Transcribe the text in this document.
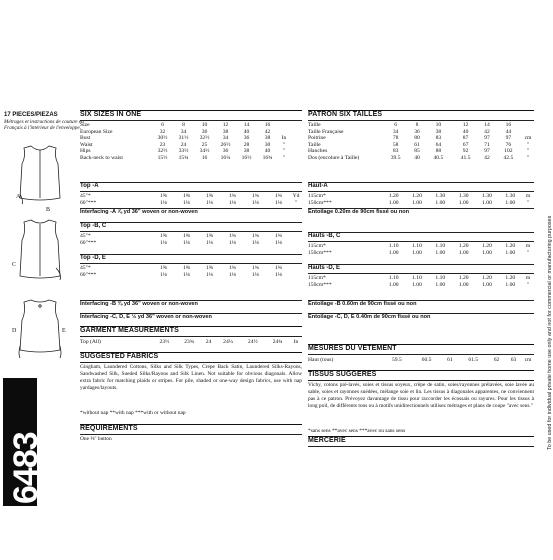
17 PIECES/PIEZAS
Métrages et instructions de couture en Français à l'intérieur de l'enveloppe.
A
B
C
D	E
6483
SIX SIZES IN ONE
Size	6	8	10	12	14	16		
European Size	32	34	36	38	40	42		
Bust	30½	31½	32½	34	36	38	In	
Waist	23	24	25	26½	28	30	"	
Hips	32½	33½	34½	36	38	40	"	
Back-neck to waist	15½	15¾	16	16¼	16½	16¾	"	
Top -A
45"*	1⅝	1⅝	1⅝	1¾	1¾	1¾	Yd
60"***	1⅛	1⅛	1⅛	1⅛	1⅛	1⅛	"
Interfacing -A ⅞ yd 36" woven or non-woven
Top -B, C
45"*	1⅝	1⅝	1⅝	1¾	1¾	1¾	
60"***	1⅛	1⅛	1⅛	1⅛	1⅛	1⅛	
Top -D, E
45"*	1⅝	1⅝	1⅝	1¾	1¾	1¾	
60"***	1⅛	1⅛	1⅛	1⅛	1⅛	1⅛	
Interfacing -B ⅜ yd 36" woven or non-woven
Interfacing -C, D, E ½ yd 36" woven or non-woven
GARMENT MEASUREMENTS
Top (All)	23½	23¾	24	24¼	24½	24¾	In
SUGGESTED FABRICS
Gingham, Laundered Cottons, Silks and Silk Types, Crepe Back Satin, Laundered Silks-Rayons, Sandwashed Silk, Sueded Silks/Rayons and Silk Linen. Not suitable for obvious diagonals. Allow extra fabric for matching plaids or stripes. For pile, shaded or one-way design fabrics, use with nap yardages/layouts.
*without nap **with nap ***with or without nap
REQUIREMENTS
One ⅝" button
PATRON SIX TAILLES
Taille	6	8	10	12	14	16	
Taille Française	34	36	38	40	42	44	
Poitrine	78	80	83	87	97	97	cm
Taille	58	61	64	67	71	76	"
Hanches	83	85	88	92	97	102	"
Dos (encolure à Taille)	39.5	40	40.5	41.5	42	42.5	"
Haut-A
115cm*	1.20	1.20	1.30	1.30	1.30	1.30	m
150cm***	1.00	1.00	1.00	1.00	1.00	1.00	"
Entoilage 0.20m de 90cm fissé ou non
Hauts -B, C
115cm*	1.10	1.10	1.10	1.20	1.20	1.20	m
150cm***	1.00	1.00	1.00	1.00	1.00	1.00	"
Hauts -D, E
115cm*	1.10	1.10	1.10	1.20	1.20	1.20	m
150cm***	1.00	1.00	1.00	1.00	1.00	1.00	"
Entoilage -B 0.60m de 90cm fissé ou non
Entoilage -C, D, E 0.40m de 90cm fissé ou non
MESURES DU VETEMENT
Haut (tous)	59.5	60.5	61	61.5	62	63	cm
TISSUS SUGGERES
Vichy, cotons pré-lavés, soies et tissus soyeux, crêpe de satin, soies/rayonnes prélavées, soie lavée au sable, soies et rayonnes suédées, mélange soie et lin. Les tissus à diagonales apparentes, ne conviennent pas à ce patron. Prévoyez davantage de tissu pour raccorder les écossais ou rayures. Pour les tissus à long poil, de différents tons ou à motifs unidirectionnels utilisez métrages et plans de coupe "avec sens."
*sans sens **avec sens ***avec ou sans sens
MERCERIE	To be used for individual private home use only and not for commercial or manufacturing purposes
